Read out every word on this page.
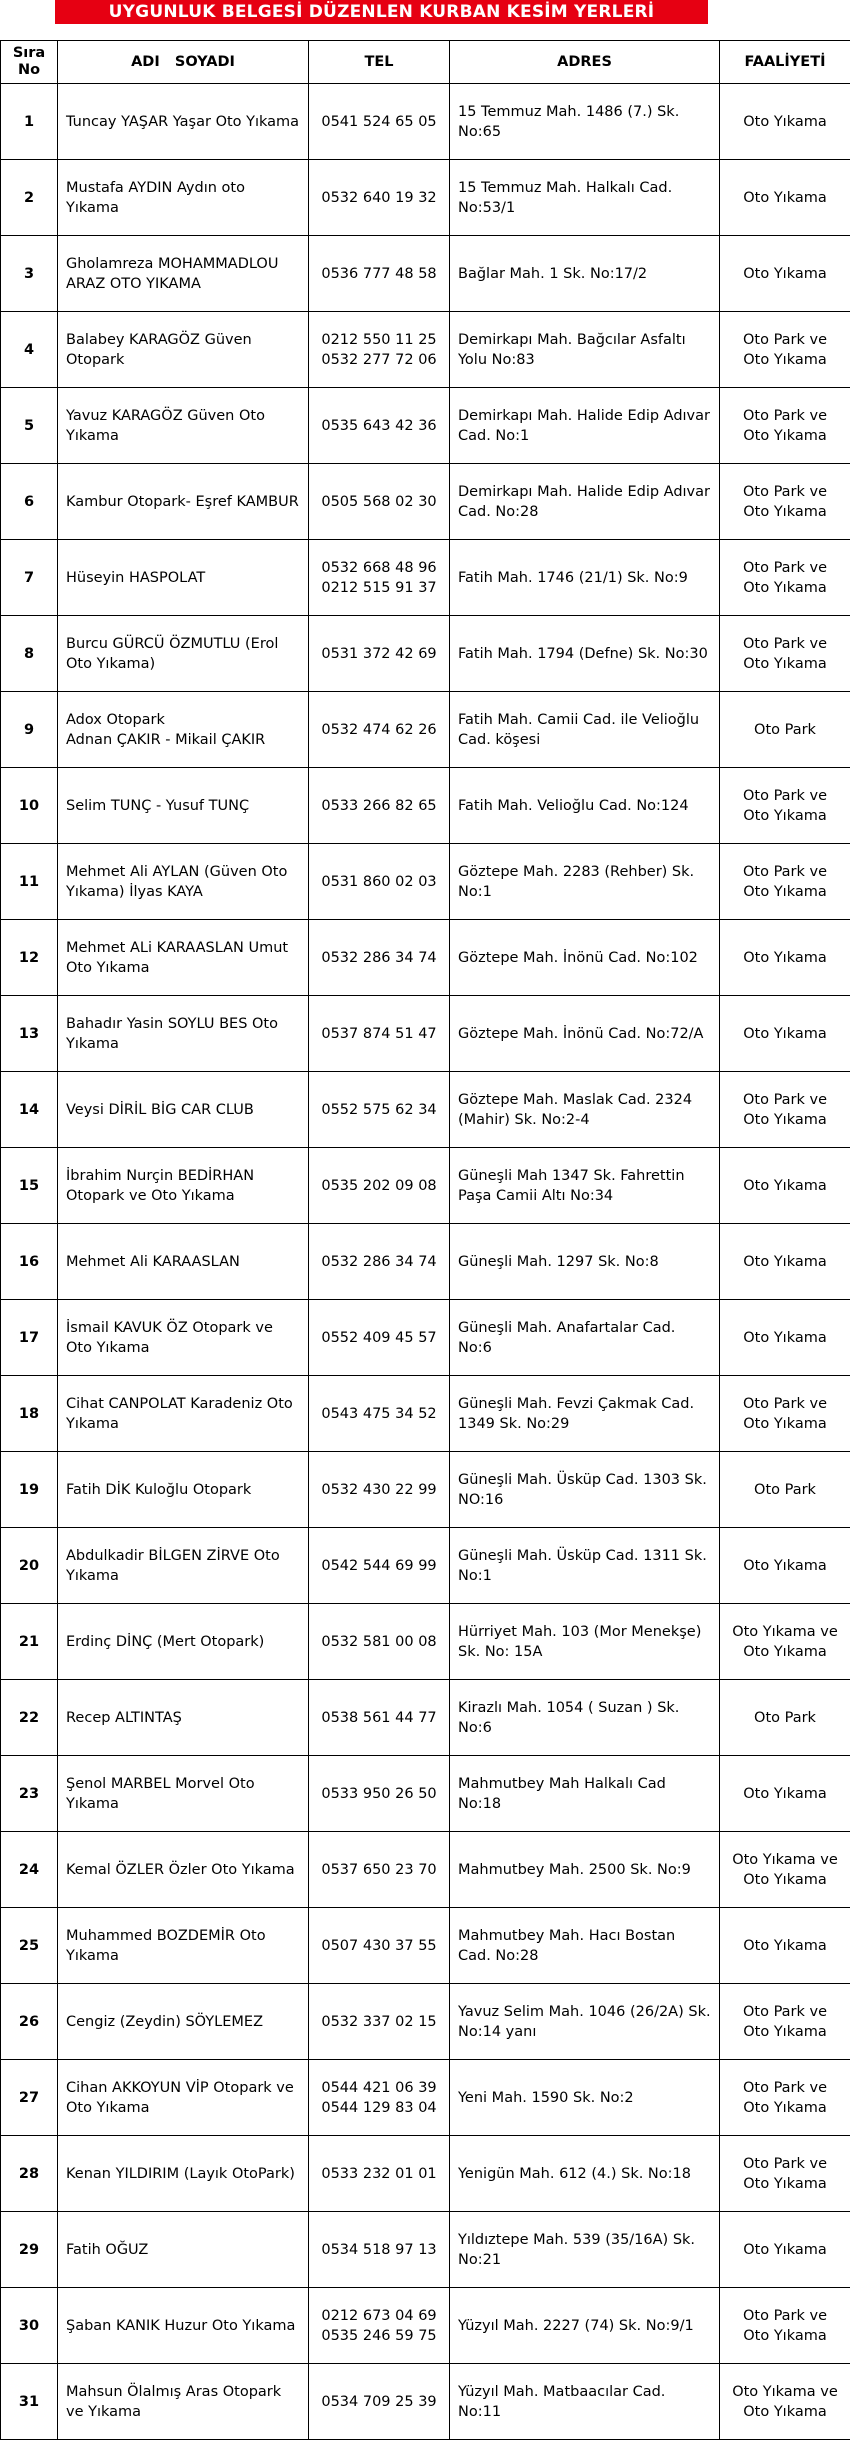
UYGUNLUK BELGESİ DÜZENLEN KURBAN KESİM YERLERİ
Sıra
No	ADI   SOYADI	TEL	ADRES	FAALİYETİ
1	Tuncay YAŞAR Yaşar Oto Yıkama	0541 524 65 05	15 Temmuz Mah. 1486 (7.) Sk. No:65	Oto Yıkama
2	Mustafa AYDIN Aydın oto Yıkama	0532 640 19 32	15 Temmuz Mah. Halkalı Cad. No:53/1	Oto Yıkama
3	Gholamreza MOHAMMADLOU ARAZ OTO YIKAMA	0536 777 48 58	Bağlar Mah. 1 Sk. No:17/2	Oto Yıkama
4	Balabey KARAGÖZ Güven Otopark	0212 550 11 25
0532 277 72 06	Demirkapı Mah. Bağcılar Asfaltı Yolu No:83	Oto Park ve Oto Yıkama
5	Yavuz KARAGÖZ Güven Oto Yıkama	0535 643 42 36	Demirkapı Mah. Halide Edip Adıvar Cad. No:1	Oto Park ve Oto Yıkama
6	Kambur Otopark- Eşref KAMBUR	0505 568 02 30	Demirkapı Mah. Halide Edip Adıvar Cad. No:28	Oto Park ve Oto Yıkama
7	Hüseyin HASPOLAT	0532 668 48 96
0212 515 91 37	Fatih Mah. 1746 (21/1) Sk. No:9	Oto Park ve Oto Yıkama
8	Burcu GÜRCÜ ÖZMUTLU (Erol Oto Yıkama)	0531 372 42 69	Fatih Mah. 1794 (Defne) Sk. No:30	Oto Park ve Oto Yıkama
9	Adox Otopark
Adnan ÇAKIR - Mikail ÇAKIR	0532 474 62 26	Fatih Mah. Camii Cad. ile Velioğlu Cad. köşesi	Oto Park
10	Selim TUNÇ - Yusuf TUNÇ	0533 266 82 65	Fatih Mah. Velioğlu Cad. No:124	Oto Park ve Oto Yıkama
11	Mehmet Ali AYLAN (Güven Oto Yıkama) İlyas KAYA	0531 860 02 03	Göztepe Mah. 2283 (Rehber) Sk. No:1	Oto Park ve Oto Yıkama
12	Mehmet ALi KARAASLAN Umut Oto Yıkama	0532 286 34 74	Göztepe Mah. İnönü Cad. No:102	Oto Yıkama
13	Bahadır Yasin SOYLU BES Oto Yıkama	0537 874 51 47	Göztepe Mah. İnönü Cad. No:72/A	Oto Yıkama
14	Veysi DİRİL BİG CAR CLUB	0552 575 62 34	Göztepe Mah. Maslak Cad. 2324 (Mahir) Sk. No:2-4	Oto Park ve Oto Yıkama
15	İbrahim Nurçin BEDİRHAN Otopark ve Oto Yıkama	0535 202 09 08	Güneşli Mah 1347 Sk. Fahrettin Paşa Camii Altı No:34	Oto Yıkama
16	Mehmet Ali KARAASLAN	0532 286 34 74	Güneşli Mah. 1297 Sk. No:8	Oto Yıkama
17	İsmail KAVUK ÖZ Otopark ve Oto Yıkama	0552 409 45 57	Güneşli Mah. Anafartalar Cad. No:6	Oto Yıkama
18	Cihat CANPOLAT Karadeniz Oto Yıkama	0543 475 34 52	Güneşli Mah. Fevzi Çakmak Cad. 1349 Sk. No:29	Oto Park ve Oto Yıkama
19	Fatih DİK Kuloğlu Otopark	0532 430 22 99	Güneşli Mah. Üsküp Cad. 1303 Sk. NO:16	Oto Park
20	Abdulkadir BİLGEN ZİRVE Oto Yıkama	0542 544 69 99	Güneşli Mah. Üsküp Cad. 1311 Sk. No:1	Oto Yıkama
21	Erdinç DİNÇ (Mert Otopark)	0532 581 00 08	Hürriyet Mah. 103 (Mor Menekşe) Sk. No: 15A	Oto Yıkama ve Oto Yıkama
22	Recep ALTINTAŞ	0538 561 44 77	Kirazlı Mah. 1054 ( Suzan ) Sk. No:6	Oto Park
23	Şenol MARBEL Morvel Oto Yıkama	0533 950 26 50	Mahmutbey Mah Halkalı Cad No:18	Oto Yıkama
24	Kemal ÖZLER Özler Oto Yıkama	0537 650 23 70	Mahmutbey Mah. 2500 Sk. No:9	Oto Yıkama ve Oto Yıkama
25	Muhammed BOZDEMİR Oto Yıkama	0507 430 37 55	Mahmutbey Mah. Hacı Bostan Cad. No:28	Oto Yıkama
26	Cengiz (Zeydin) SÖYLEMEZ	0532 337 02 15	Yavuz Selim Mah. 1046 (26/2A) Sk. No:14 yanı	Oto Park ve Oto Yıkama
27	Cihan AKKOYUN VİP Otopark ve Oto Yıkama	0544 421 06 39
0544 129 83 04	Yeni Mah. 1590 Sk. No:2	Oto Park ve Oto Yıkama
28	Kenan YILDIRIM (Layık OtoPark)	0533 232 01 01	Yenigün Mah. 612 (4.) Sk. No:18	Oto Park ve Oto Yıkama
29	Fatih OĞUZ	0534 518 97 13	Yıldıztepe Mah. 539 (35/16A) Sk. No:21	Oto Yıkama
30	Şaban KANIK Huzur Oto Yıkama	0212 673 04 69
0535 246 59 75	Yüzyıl Mah. 2227 (74) Sk. No:9/1	Oto Park ve Oto Yıkama
31	Mahsun Ölalmış Aras Otopark ve Yıkama	0534 709 25 39	Yüzyıl Mah. Matbaacılar Cad. No:11	Oto Yıkama ve Oto Yıkama
